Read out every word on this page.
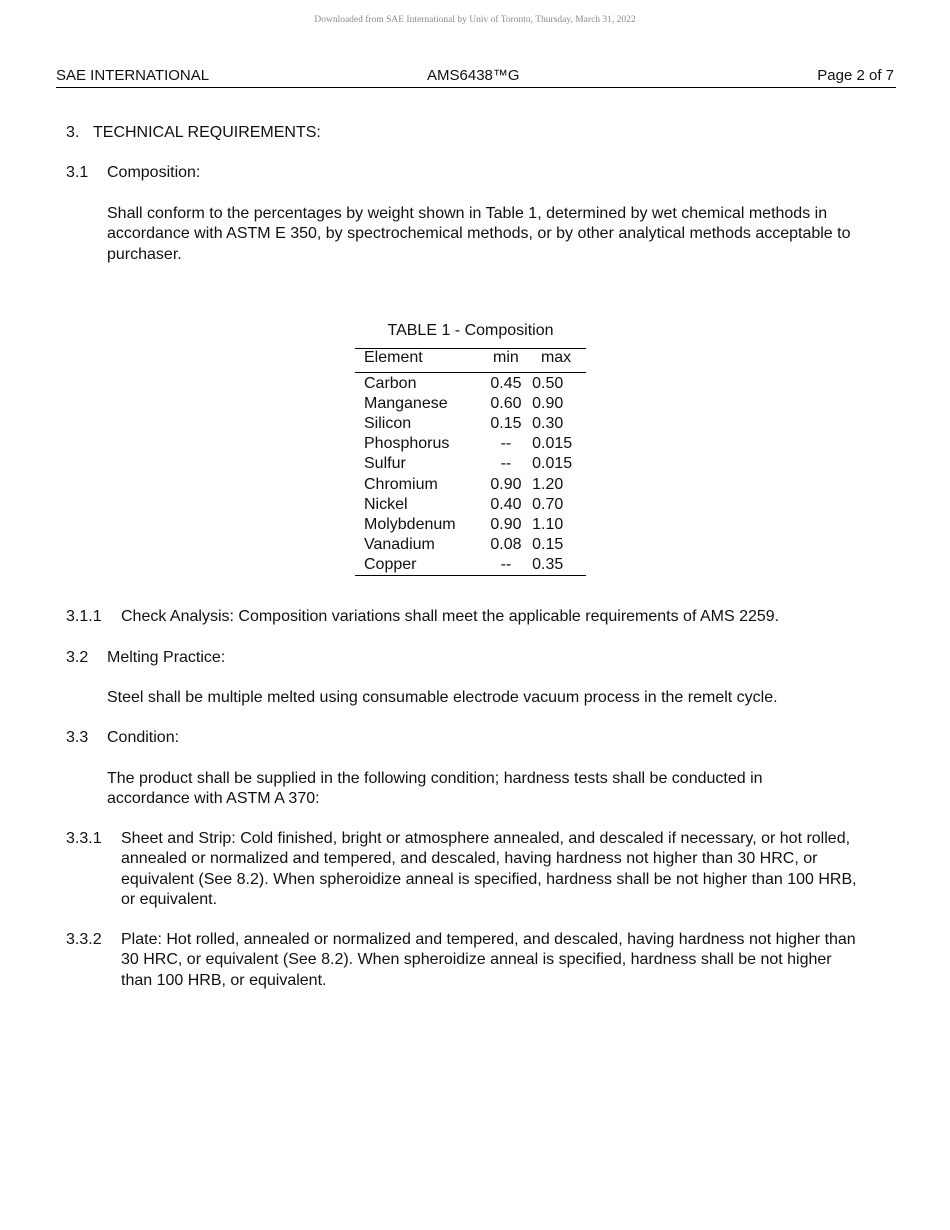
Downloaded from SAE International by Univ of Toronto, Thursday, March 31, 2022
SAE INTERNATIONAL	AMS6438™G	Page 2 of 7
3. TECHNICAL REQUIREMENTS:
3.1 Composition:
Shall conform to the percentages by weight shown in Table 1, determined by wet chemical methods in accordance with ASTM E 350, by spectrochemical methods, or by other analytical methods acceptable to purchaser.
TABLE 1 - Composition
Element	min	max
Carbon	0.45	0.50
Manganese	0.60	0.90
Silicon	0.15	0.30
Phosphorus	--	0.015
Sulfur	--	0.015
Chromium	0.90	1.20
Nickel	0.40	0.70
Molybdenum	0.90	1.10
Vanadium	0.08	0.15
Copper	--	0.35
3.1.1 Check Analysis: Composition variations shall meet the applicable requirements of AMS 2259.
3.2 Melting Practice:
Steel shall be multiple melted using consumable electrode vacuum process in the remelt cycle.
3.3 Condition:
The product shall be supplied in the following condition; hardness tests shall be conducted in accordance with ASTM A 370:
3.3.1 Sheet and Strip: Cold finished, bright or atmosphere annealed, and descaled if necessary, or hot rolled, annealed or normalized and tempered, and descaled, having hardness not higher than 30 HRC, or equivalent (See 8.2). When spheroidize anneal is specified, hardness shall be not higher than 100 HRB, or equivalent.
3.3.2 Plate: Hot rolled, annealed or normalized and tempered, and descaled, having hardness not higher than 30 HRC, or equivalent (See 8.2). When spheroidize anneal is specified, hardness shall be not higher than 100 HRB, or equivalent.
